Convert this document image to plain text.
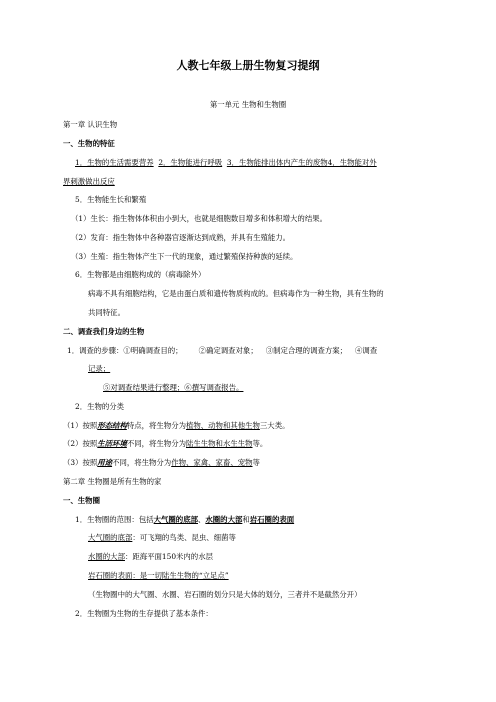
人教七年级上册生物复习提纲
第一单元 生物和生物圈
第一章 认识生物
一、生物的特征
1．生物的生活需要营养 2．生物能进行呼吸 3．生物能排出体内产生的废物4．生物能对外
界刺激做出反应
5．生物能生长和繁殖
（1）生长：指生物体体积由小到大，也就是细胞数目增多和体积增大的结果。
（2）发育：指生物体中各种器官逐渐达到成熟，并具有生殖能力。
（3）生殖：指生物体产生下一代的现象，通过繁殖保持种族的延续。
6．生物都是由细胞构成的（病毒除外）
病毒不具有细胞结构，它是由蛋白质和遗传物质构成的。但病毒作为一种生物，具有生物的
共同特征。
二、调查我们身边的生物
1．调查的步骤：①明确调查目的； ②确定调查对象； ③制定合理的调查方案； ④调查
记录；
⑤对调查结果进行整理；⑥撰写调查报告。
2．生物的分类
（1）按照形态结构特点，将生物分为植物、动物和其他生物三大类。
（2）按照生活环境不同，将生物分为陆生生物和水生生物等。
（3）按照用途不同，将生物分为作物、家禽、家畜、宠物等
第二章 生物圈是所有生物的家
一、生物圈
1．生物圈的范围：包括大气圈的底部、水圈的大部和岩石圈的表面
大气圈的底部：可飞翔的鸟类、昆虫、细菌等
水圈的大部：距海平面150米内的水层
岩石圈的表面：是一切陆生生物的“立足点”
（生物圈中的大气圈、水圈、岩石圈的划分只是大体的划分，三者并不是截然分开）
2．生物圈为生物的生存提供了基本条件：
